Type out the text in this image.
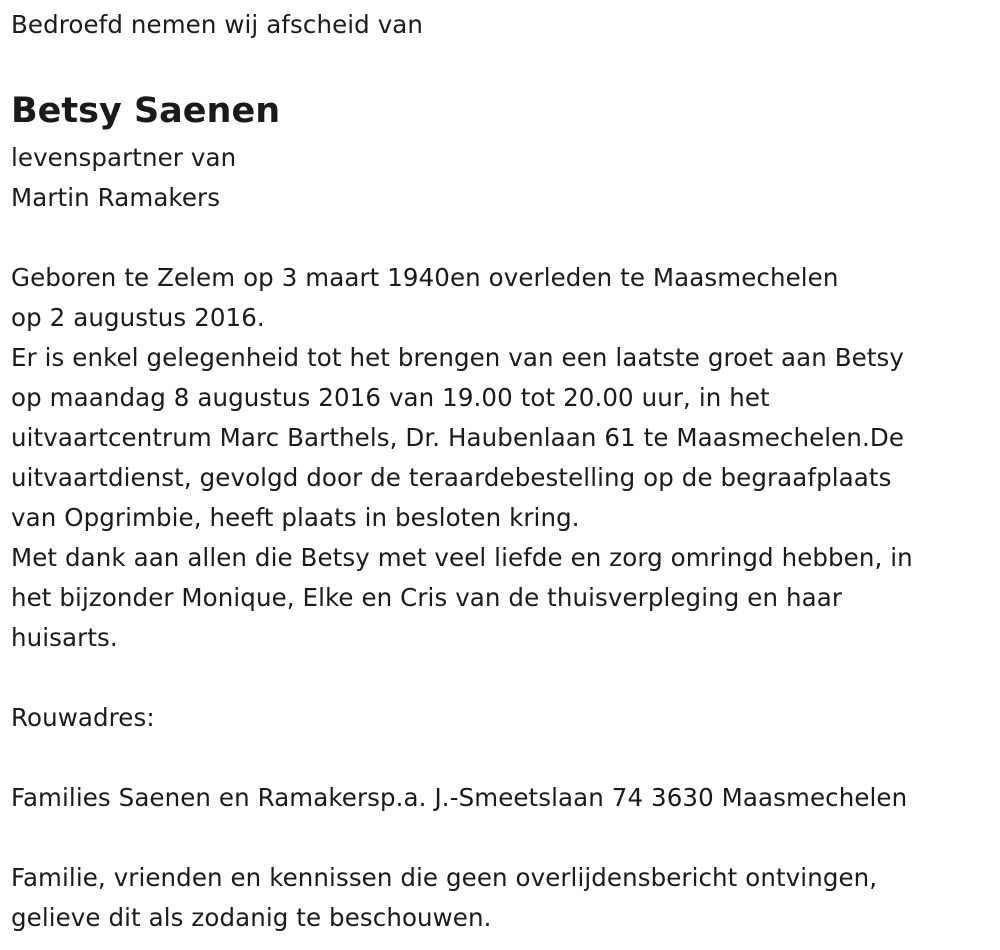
Bedroefd nemen wij afscheid van
Betsy Saenen
levenspartner van
Martin Ramakers
Geboren te Zelem op 3 maart 1940en overleden te Maasmechelen
op 2 augustus 2016.
Er is enkel gelegenheid tot het brengen van een laatste groet aan Betsy
op maandag 8 augustus 2016 van 19.00 tot 20.00 uur, in het
uitvaartcentrum Marc Barthels, Dr. Haubenlaan 61 te Maasmechelen.De
uitvaartdienst, gevolgd door de teraardebestelling op de begraafplaats
van Opgrimbie, heeft plaats in besloten kring.
Met dank aan allen die Betsy met veel liefde en zorg omringd hebben, in
het bijzonder Monique, Elke en Cris van de thuisverpleging en haar
huisarts.
Rouwadres:
Families Saenen en Ramakersp.a. J.-Smeetslaan 74 3630 Maasmechelen
Familie, vrienden en kennissen die geen overlijdensbericht ontvingen,
gelieve dit als zodanig te beschouwen.
